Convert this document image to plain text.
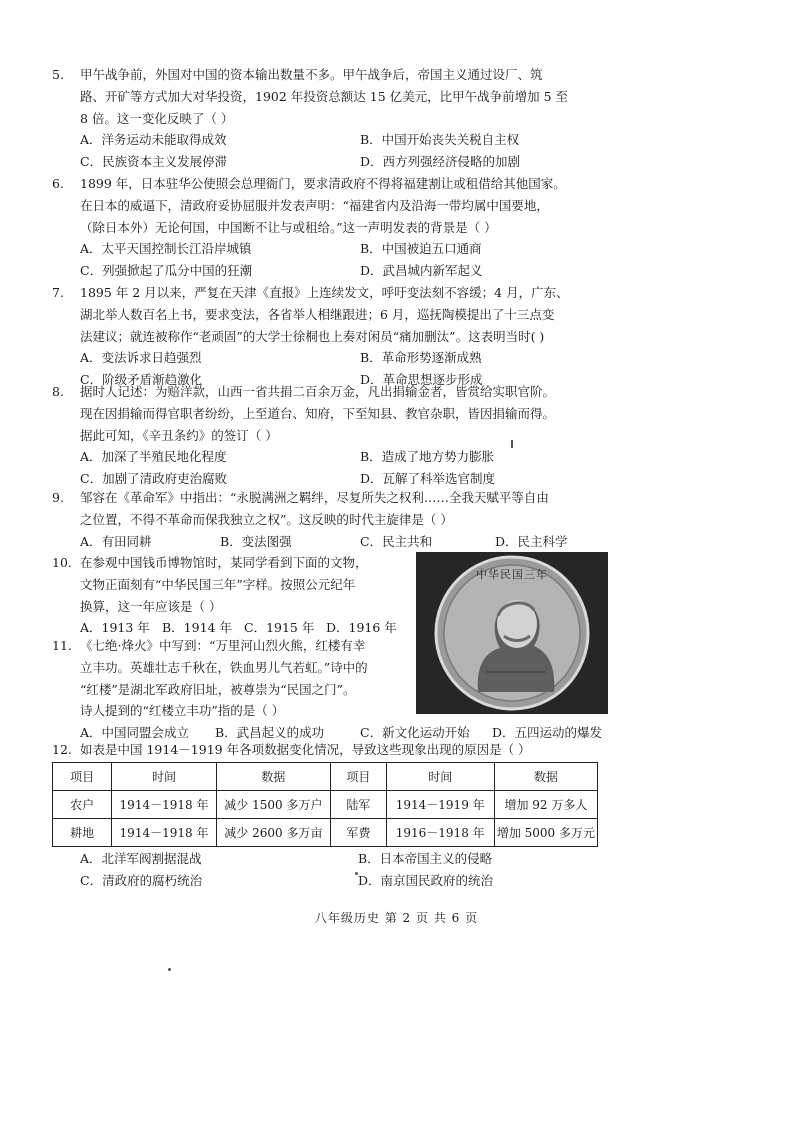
5. 甲午战争前，外国对中国的资本输出数量不多。甲午战争后，帝国主义通过设厂、筑
路、开矿等方式加大对华投资，1902 年投资总额达 15 亿美元，比甲午战争前增加 5 至
8 倍。这一变化反映了（ ）
A．洋务运动未能取得成效	B．中国开始丧失关税自主权
C．民族资本主义发展停滞	D．西方列强经济侵略的加剧
6. 1899 年，日本驻华公使照会总理衙门，要求清政府不得将福建割让或租借给其他国家。
在日本的威逼下，清政府妥协屈服并发表声明：“福建省内及沿海一带均属中国要地，
（除日本外）无论何国，中国断不让与或租给。”这一声明发表的背景是（ ）
A．太平天国控制长江沿岸城镇	B．中国被迫五口通商
C．列强掀起了瓜分中国的狂潮	D．武昌城内新军起义
7. 1895 年 2 月以来，严复在天津《直报》上连续发文，呼吁变法刻不容缓；4 月，广东、
湖北举人数百名上书，要求变法，各省举人相继跟进；6 月，巡抚陶模提出了十三点变
法建议；就连被称作“老顽固”的大学士徐桐也上奏对闲员“痛加删汰”。这表明当时( )
A．变法诉求日趋强烈	B．革命形势逐渐成熟
C．阶级矛盾渐趋激化	D．革命思想逐步形成
8. 据时人记述：为赔洋款，山西一省共捐二百余万金，凡出捐输金者，皆赏给实职官阶。
现在因捐输而得官职者纷纷，上至道台、知府，下至知县、教官杂职，皆因捐输而得。
据此可知，《辛丑条约》的签订（ ）
A．加深了半殖民地化程度	B．造成了地方势力膨胀
C．加剧了清政府吏治腐败	D．瓦解了科举选官制度
9. 邹容在《革命军》中指出：“永脱满洲之羁绊，尽复所失之权利……全我天赋平等自由
之位置，不得不革命而保我独立之权”。这反映的时代主旋律是（ ）
A．有田同耕	B．变法图强	C．民主共和	D．民主科学
10. 在参观中国钱币博物馆时，某同学看到下面的文物，
文物正面刻有“中华民国三年”字样。按照公元纪年
换算，这一年应该是（ ）
A．1913 年 B．1914 年 C．1915 年 D．1916 年
中华民国三年
11. 《七绝·烽火》中写到：“万里河山烈火熊，红楼有幸
立丰功。英雄壮志千秋在，铁血男儿气若虹。”诗中的
“红楼”是湖北军政府旧址，被尊崇为“民国之门”。
诗人提到的“红楼立丰功”指的是（ ）
A．中国同盟会成立 B．武昌起义的成功	C．新文化运动开始 D．五四运动的爆发
12. 如表是中国 1914－1919 年各项数据变化情况，导致这些现象出现的原因是（ ）
项目	时间	数据	项目	时间	数据
农户	1914－1918 年	减少 1500 多万户	陆军	1914－1919 年	增加 92 万多人
耕地	1914－1918 年	减少 2600 多万亩	军费	1916－1918 年	增加 5000 多万元
A．北洋军阀割据混战	B．日本帝国主义的侵略
C．清政府的腐朽统治	D．南京国民政府的统治
八年级历史 第 2 页 共 6 页
